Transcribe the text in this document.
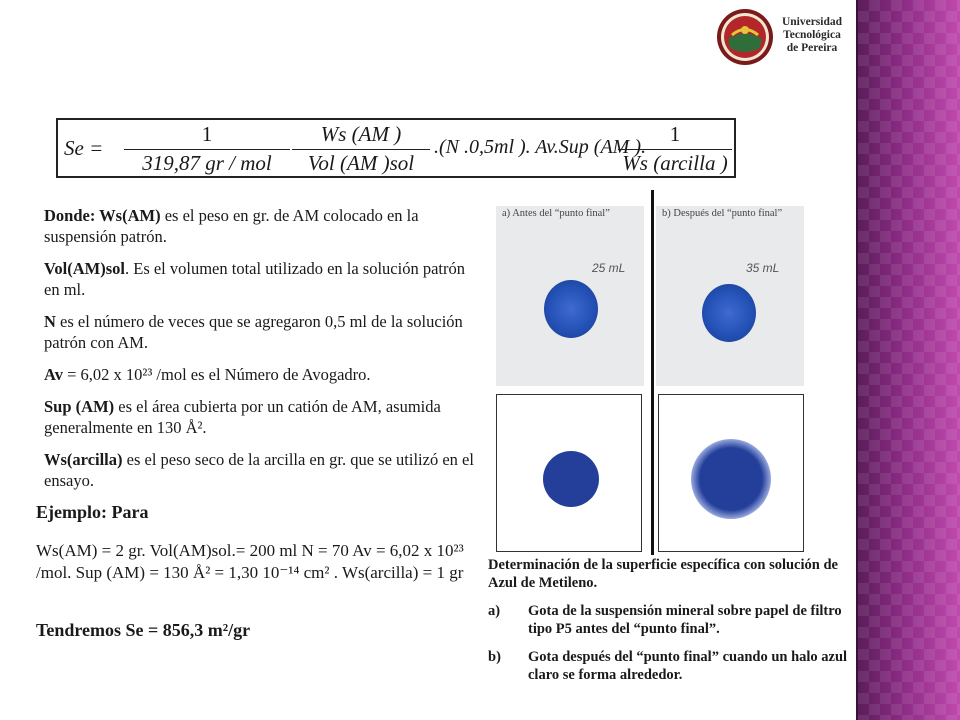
Universidad
Tecnológica
de Pereira
Se =
1
319,87 gr / mol
Ws (AM )
Vol (AM )sol
.(N .0,5ml ). Av.Sup (AM ).
1
Ws (arcilla )

Donde: Ws(AM) es el peso en gr. de AM colocado en la suspensión patrón.

Vol(AM)sol. Es el volumen total utilizado en la solución patrón en ml.

N es el número de veces que se agregaron 0,5 ml de la solución patrón con AM.

Av = 6,02 x 10²³ /mol es el Número de Avogadro.

Sup (AM) es el área cubierta por un catión de AM, asumida generalmente en 130 Å².

Ws(arcilla) es el peso seco de la arcilla en gr. que se utilizó en el ensayo.

Ejemplo: Para
Ws(AM) = 2 gr. Vol(AM)sol.= 200 ml N = 70 Av = 6,02 x 10²³ /mol. Sup (AM) = 130 Å² = 1,30 10⁻¹⁴ cm² . Ws(arcilla) = 1 gr
Tendremos Se = 856,3 m²/gr
a) Antes del “punto final”
25 mL
b) Después del “punto final”
35 mL

Determinación de la superficie específica con solución de Azul de Metileno.

a)	Gota de la suspensión mineral sobre papel de filtro tipo P5 antes del “punto final”.
b)	Gota después del “punto final” cuando un halo azul claro se forma alrededor.
